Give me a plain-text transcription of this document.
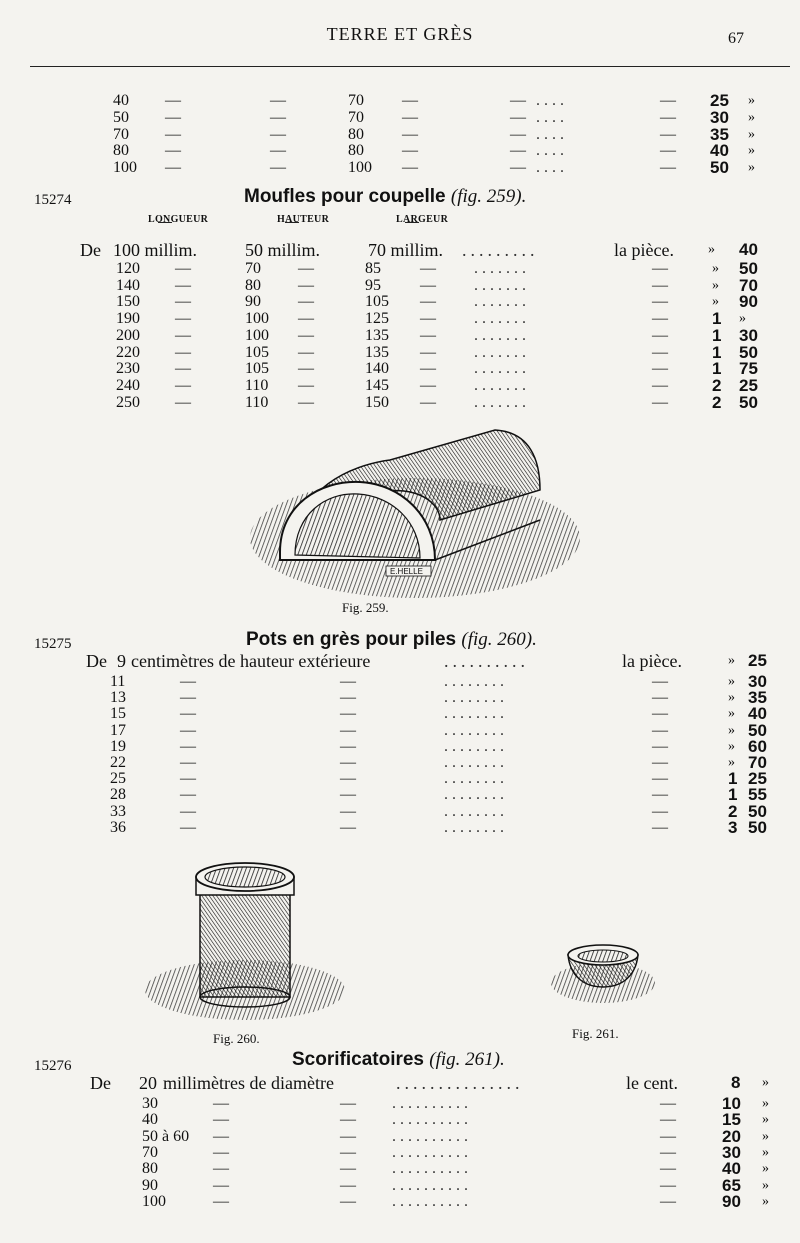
TERRE ET GRÈS	67
40 —	—	70 —	— ....	— 25 »
50 —	—	70 —	— ....	— 30 »
70 —	—	80 —	— ....	— 35 »
80 —	—	80 —	— ....	— 40 »
100 —	—	100 —	— ....	— 50 »
15274	Moufles pour coupelle (fig. 259).
LONGUEUR	HAUTEUR	LARGEUR
De 100 millim.	50 millim.	70 millim. .........	la pièce. » 40
120 —	70 —	85 — .......	—	» 50
140 —	80 —	95 — .......	—	» 70
150 —	90 —	105 — .......	—	» 90
190 —	100 —	125 — .......	—	1 »
200 —	100 —	135 — .......	—	1 30
220 —	105 —	135 — .......	—	1 50
230 —	105 —	140 — .......	—	1 75
240 —	110 —	145 — .......	—	2 25
250 —	110 —	150 — .......	—	2 50
E.HELLE
Fig. 259.
15275	Pots en grès pour piles (fig. 260).
De 9 centimètres de hauteur extérieure	..........	la pièce.	» 25
11	—	—	........	—	» 30
13	—	—	........	—	» 35
15	—	—	........	—	» 40
17	—	—	........	—	» 50
19	—	—	........	—	» 60
22	—	—	........	—	» 70
25	—	—	........	—	1 25
28	—	—	........	—	1 55
33	—	—	........	—	2 50
36	—	—	........	—	3 50
Fig. 260.	Fig. 261.
15276	Scorificatoires (fig. 261).
De 20 millimètres de diamètre	...............	le cent.	8 »
30	—	— ..........	—	10 »
40	—	— ..........	—	15 »
50 à 60 —	— ..........	—	20 »
70	—	— ..........	—	30 »
80	—	— ..........	—	40 »
90	—	— ..........	—	65 »
100	—	— ..........	—	90 »
